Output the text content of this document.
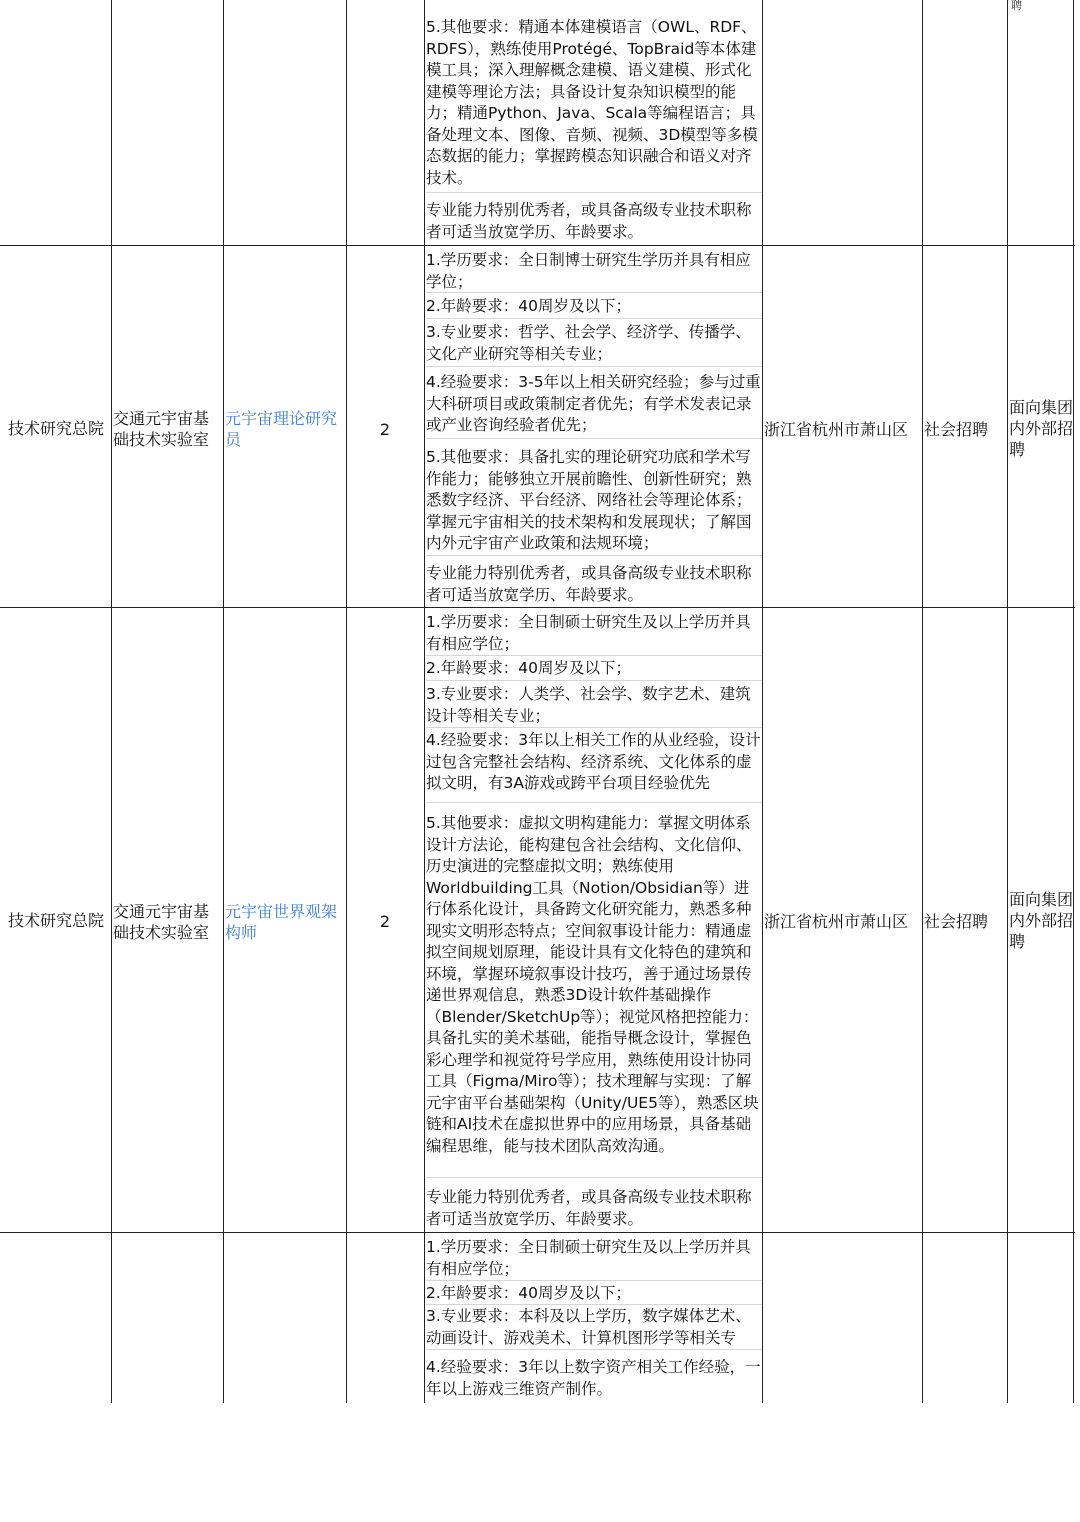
聘
5.其他要求：精通本体建模语言（OWL、RDF、RDFS），熟练使用Protégé、TopBraid等本体建模工具；深入理解概念建模、语义建模、形式化建模等理论方法；具备设计复杂知识模型的能力；精通Python、Java、Scala等编程语言；具备处理文本、图像、音频、视频、3D模型等多模态数据的能力；掌握跨模态知识融合和语义对齐技术。
专业能力特别优秀者，或具备高级专业技术职称者可适当放宽学历、年龄要求。
技术研究总院
交通元宇宙基础技术实验室
元宇宙理论研究员
2
1.学历要求：全日制博士研究生学历并具有相应学位；
2.年龄要求：40周岁及以下；
3.专业要求：哲学、社会学、经济学、传播学、文化产业研究等相关专业；
4.经验要求：3-5年以上相关研究经验；参与过重大科研项目或政策制定者优先；有学术发表记录或产业咨询经验者优先；
5.其他要求：具备扎实的理论研究功底和学术写作能力；能够独立开展前瞻性、创新性研究；熟悉数字经济、平台经济、网络社会等理论体系；掌握元宇宙相关的技术架构和发展现状；了解国内外元宇宙产业政策和法规环境；
专业能力特别优秀者，或具备高级专业技术职称者可适当放宽学历、年龄要求。
浙江省杭州市萧山区 社会招聘
面向集团内外部招聘
技术研究总院 交通元宇宙基础技术实验室
元宇宙世界观架构师
2
1.学历要求：全日制硕士研究生及以上学历并具有相应学位；
2.年龄要求：40周岁及以下；
3.专业要求：人类学、社会学、数字艺术、建筑设计等相关专业；
4.经验要求：3年以上相关工作的从业经验，设计过包含完整社会结构、经济系统、文化体系的虚拟文明，有3A游戏或跨平台项目经验优先
5.其他要求：虚拟文明构建能力：掌握文明体系设计方法论，能构建包含社会结构、文化信仰、历史演进的完整虚拟文明；熟练使用Worldbuilding工具（Notion/Obsidian等）进行体系化设计，具备跨文化研究能力，熟悉多种现实文明形态特点；空间叙事设计能力：精通虚拟空间规划原理，能设计具有文化特色的建筑和环境，掌握环境叙事设计技巧，善于通过场景传递世界观信息，熟悉3D设计软件基础操作（Blender/SketchUp等）；视觉风格把控能力：具备扎实的美术基础，能指导概念设计，掌握色彩心理学和视觉符号学应用，熟练使用设计协同工具（Figma/Miro等）；技术理解与实现：了解元宇宙平台基础架构（Unity/UE5等），熟悉区块链和AI技术在虚拟世界中的应用场景，具备基础编程思维，能与技术团队高效沟通。
专业能力特别优秀者，或具备高级专业技术职称者可适当放宽学历、年龄要求。
浙江省杭州市萧山区 社会招聘
面向集团内外部招聘
1.学历要求：全日制硕士研究生及以上学历并具有相应学位；
2.年龄要求：40周岁及以下；
3.专业要求：本科及以上学历，数字媒体艺术、动画设计、游戏美术、计算机图形学等相关专
4.经验要求：3年以上数字资产相关工作经验，一年以上游戏三维资产制作。
